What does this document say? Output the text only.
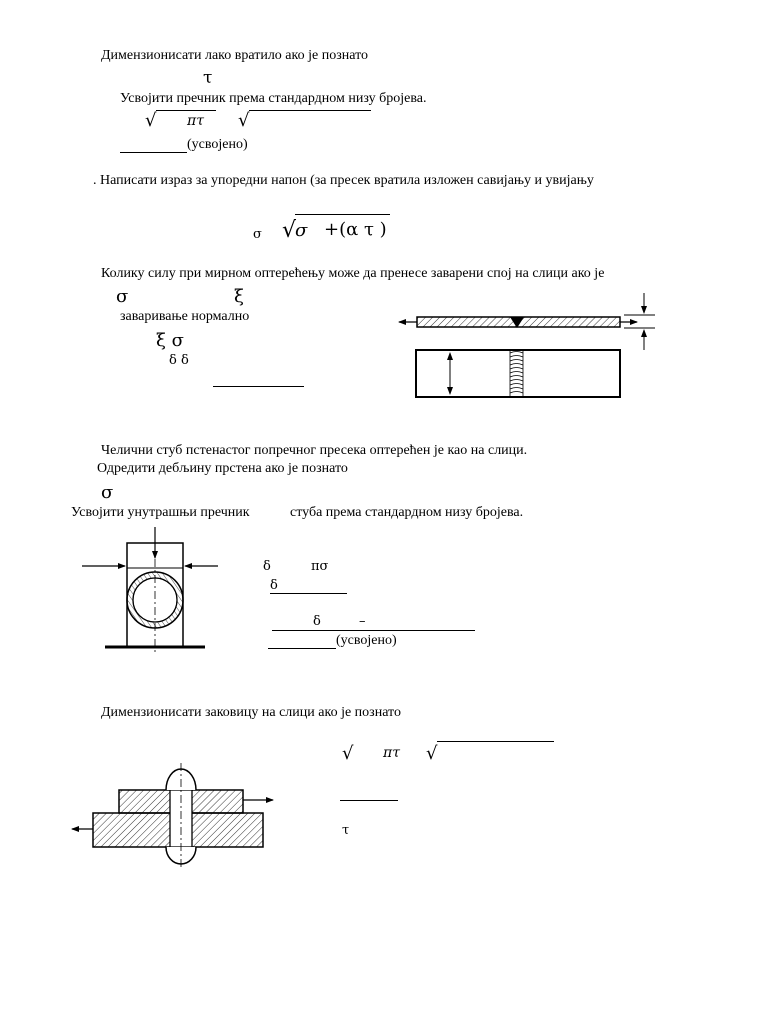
Димензионисати лако вратило ако је познато
τ
Усвојити пречник према стандардном низу бројева.
√ πτ √
(усвојено)
. Написати израз за упоредни напон (за пресек вратила изложен савијању и увијању
σ √
σ +(α τ )
Колику силу при мирном оптерећењу може да пренесе заварени спој на слици ако је
σ	ξ
заваривање нормално
ξ σ
δ δ
Челични стуб пстенастог попречног пресека оптерећен је као на слици.
Одредити дебљину прстена ако је познато
σ
Усвојити унутрашњи пречник	стуба према стандардном низу бројева.
δ	πσ
δ
δ	–
(усвојено)
Димензионисати заковицу на слици ако је познато
√ πτ √
τ
